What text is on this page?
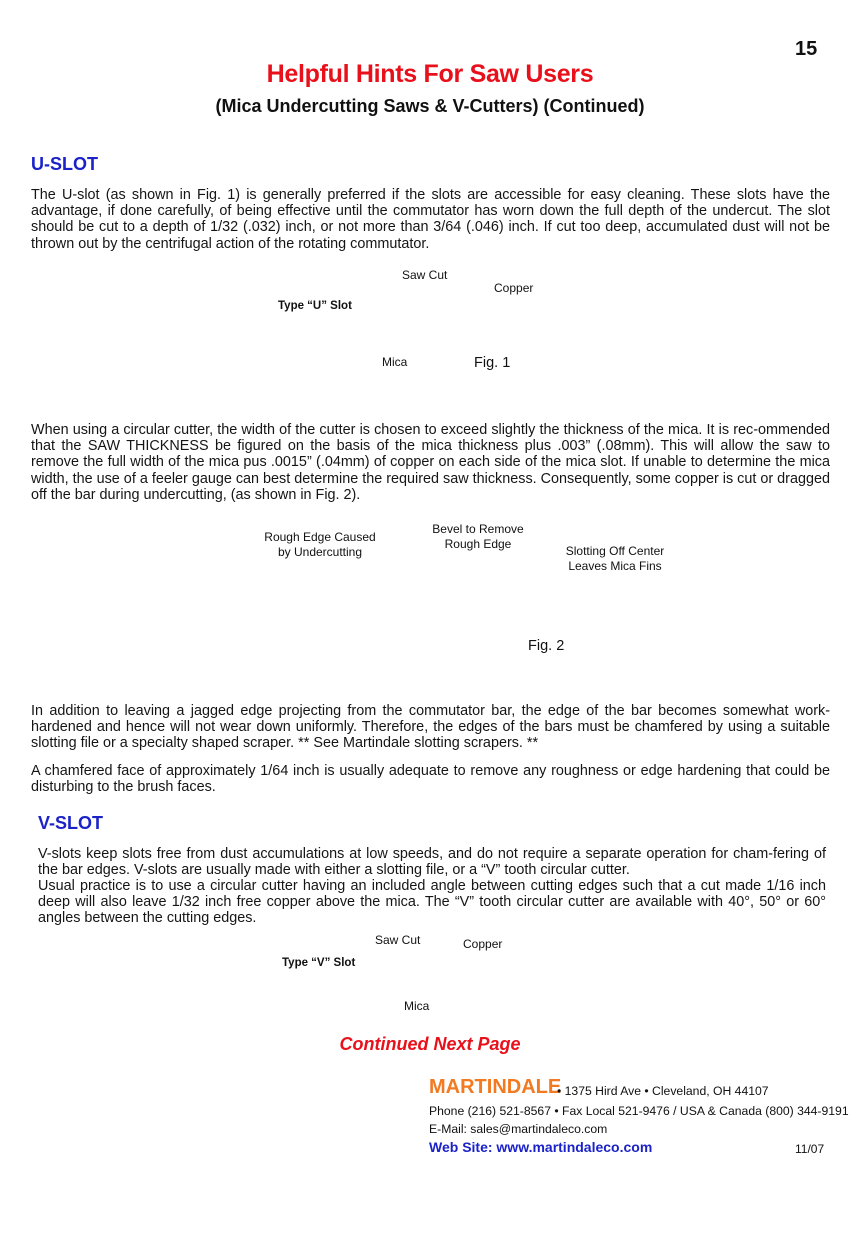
15
Helpful Hints For Saw Users
(Mica Undercutting Saws & V-Cutters) (Continued)
U-SLOT

The U-slot (as shown in Fig. 1) is generally preferred if the slots are accessible for easy cleaning. These slots have the advantage, if done carefully, of being effective until the commutator has worn down the full depth of the undercut. The slot should be cut to a depth of 1/32 (.032) inch, or not more than 3/64 (.046) inch. If cut too deep, accumulated dust will not be thrown out by the centrifugal action of the rotating commutator.

Saw Cut
Copper
Type “U” Slot
Mica	Fig. 1

When using a circular cutter, the width of the cutter is chosen to exceed slightly the thickness of the mica. It is rec-ommended that the SAW THICKNESS be figured on the basis of the mica thickness plus .003” (.08mm). This will allow the saw to remove the full width of the mica pus .0015” (.04mm) of copper on each side of the mica slot. If unable to determine the mica width, the use of a feeler gauge can best determine the required saw thickness. Consequently, some copper is cut or dragged off the bar during undercutting, (as shown in Fig. 2).

Rough Edge Caused
by Undercutting
Bevel to Remove
Rough Edge	Slotting Off Center
Leaves Mica Fins
Fig. 2

In addition to leaving a jagged edge projecting from the commutator bar, the edge of the bar becomes somewhat work-hardened and hence will not wear down uniformly. Therefore, the edges of the bars must be chamfered by using a suitable slotting file or a specialty shaped scraper. ** See Martindale slotting scrapers. **

A chamfered face of approximately 1/64 inch is usually adequate to remove any roughness or edge hardening that could be disturbing to the brush faces.

V-SLOT

V-slots keep slots free from dust accumulations at low speeds, and do not require a separate operation for cham-fering of the bar edges. V-slots are usually made with either a slotting file, or a “V” tooth circular cutter.

Usual practice is to use a circular cutter having an included angle between cutting edges such that a cut made 1/16 inch deep will also leave 1/32 inch free copper above the mica. The “V” tooth circular cutter are available with 40°, 50° or 60° angles between the cutting edges.

Saw Cut	Copper
Type “V” Slot
Mica
Continued Next Page
MARTINDALE
• 1375 Hird Ave • Cleveland, OH 44107
Phone (216) 521-8567 • Fax Local 521-9476 / USA & Canada (800) 344-9191
E-Mail: sales@martindaleco.com
Web Site: www.martindaleco.com	11/07
